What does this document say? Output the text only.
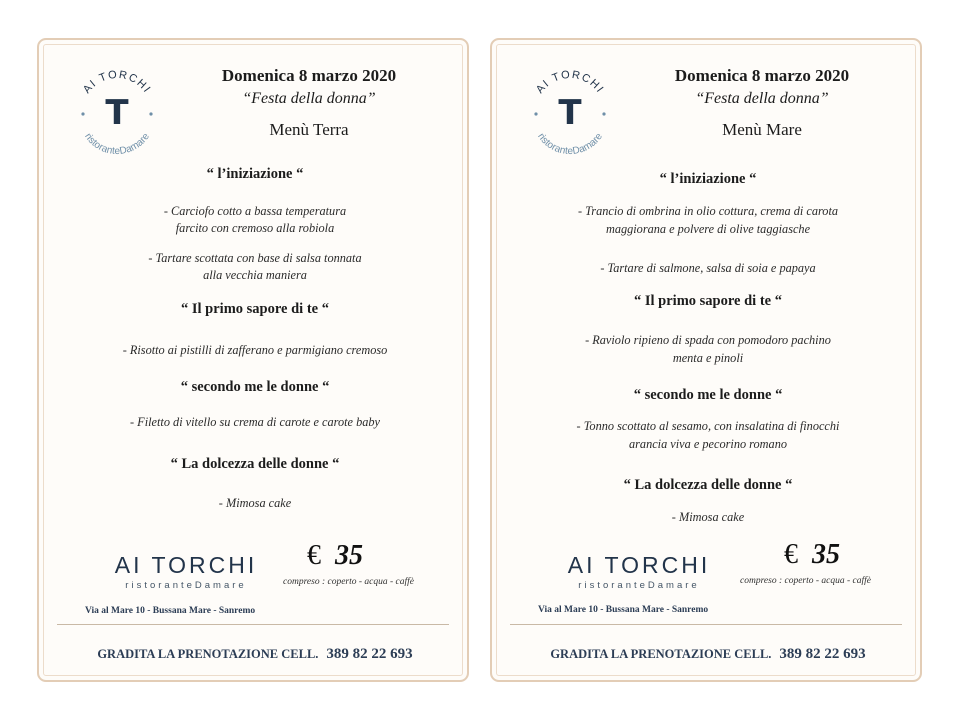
AI TORCHI
T
ristoranteDamare
Domenica 8 marzo 2020
“Festa della donna”
Menù Terra
“ l’iniziazione “
- Carciofo cotto a bassa temperatura
farcito con cremoso alla robiola
- Tartare scottata con base di salsa tonnata
alla vecchia maniera
“ Il primo sapore di te “
- Risotto ai pistilli di zafferano e parmigiano cremoso
“ secondo me le donne “
- Filetto di vitello su crema di carote e carote baby
“ La dolcezza delle donne “
- Mimosa cake
AI TORCHI
ristoranteDamare
€ 35
compreso : coperto - acqua - caffè
Via al Mare 10 - Bussana Mare - Sanremo
GRADITA LA PRENOTAZIONE CELL. 389 82 22 693
AI TORCHI
T
ristoranteDamare
Domenica 8 marzo 2020
“Festa della donna”
Menù Mare
“ l’iniziazione “
- Trancio di ombrina in olio cottura, crema di carota
maggiorana e polvere di olive taggiasche
- Tartare di salmone, salsa di soia e papaya
“ Il primo sapore di te “
- Raviolo ripieno di spada con pomodoro pachino
menta e pinoli
“ secondo me le donne “
- Tonno scottato al sesamo, con insalatina di finocchi
arancia viva e pecorino romano
“ La dolcezza delle donne “
- Mimosa cake
AI TORCHI
ristoranteDamare
€ 35
compreso : coperto - acqua - caffè
Via al Mare 10 - Bussana Mare - Sanremo
GRADITA LA PRENOTAZIONE CELL. 389 82 22 693
